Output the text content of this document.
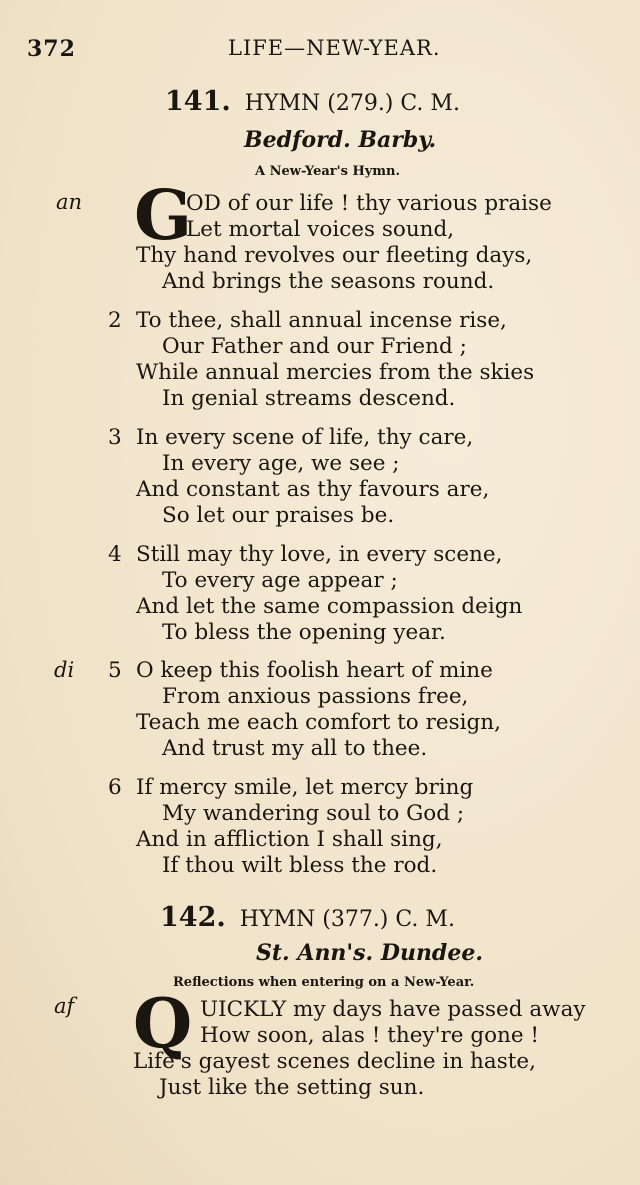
372	LIFE—NEW-YEAR.
141. HYMN (279.) C. M.
Bedford. Barby.
A New-Year's Hymn.
an G
OD of our life ! thy various praise
Let mortal voices sound,
Thy hand revolves our fleeting days,
And brings the seasons round.
2 To thee, shall annual incense rise,
Our Father and our Friend ;
While annual mercies from the skies
In genial streams descend.
3 In every scene of life, thy care,
In every age, we see ;
And constant as thy favours are,
So let our praises be.
4 Still may thy love, in every scene,
To every age appear ;
And let the same compassion deign
To bless the opening year.
di 5 O keep this foolish heart of mine
From anxious passions free,
Teach me each comfort to resign,
And trust my all to thee.
6 If mercy smile, let mercy bring
My wandering soul to God ;
And in affliction I shall sing,
If thou wilt bless the rod.
142. HYMN (377.) C. M.
St. Ann's. Dundee.
Reflections when entering on a New-Year.
af Q UICKLY my days have passed away
How soon, alas ! they're gone !
Life's gayest scenes decline in haste,
Just like the setting sun.
